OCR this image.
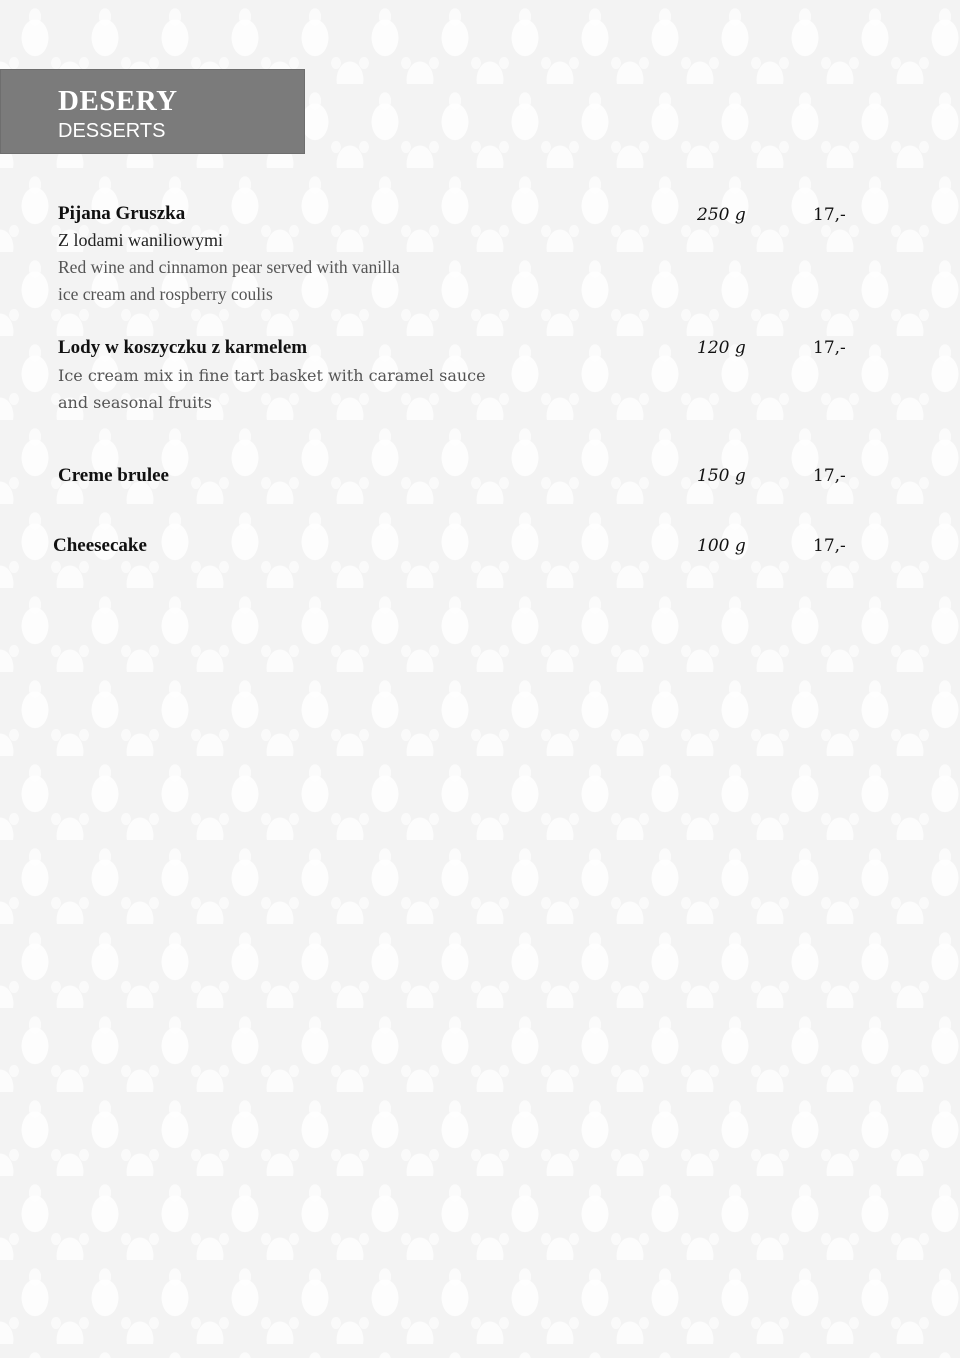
DESERY
DESSERTS
Pijana Gruszka
Z lodami waniliowymi
Red wine and cinnamon pear served with vanilla
ice cream and rospberry coulis
250 g	17,-
Lody w koszyczku z karmelem
Ice cream mix in fine tart basket with caramel sauce
and seasonal fruits
120 g	17,-
Creme brulee	150 g	17,-
Cheesecake	100 g	17,-
